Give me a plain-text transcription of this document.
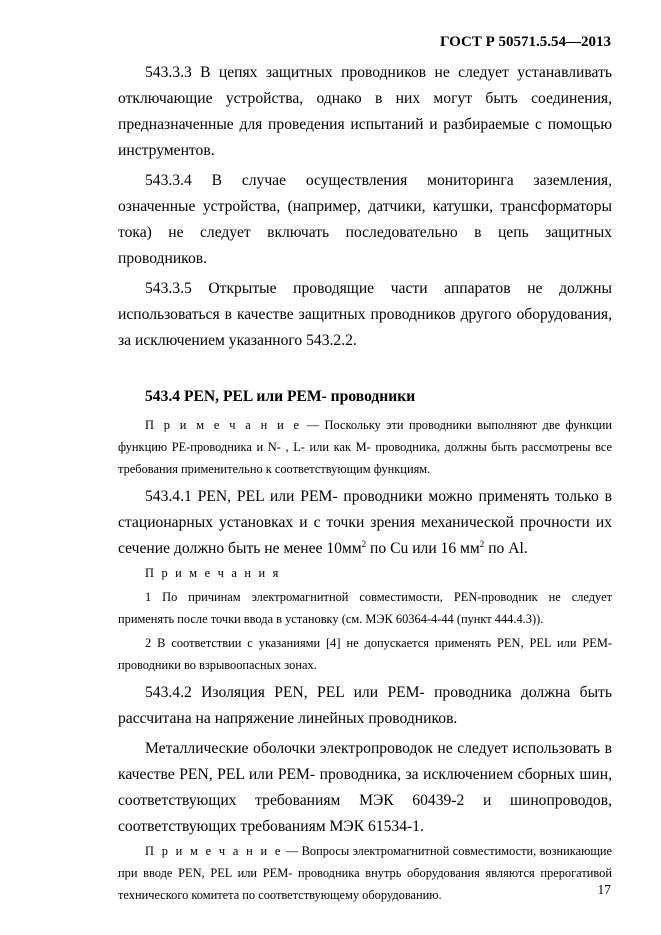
ГОСТ Р 50571.5.54—2013

543.3.3 В цепях защитных проводников не следует устанавливать отключающие устройства, однако в них могут быть соединения, предназначенные для проведения испытаний и разбираемые с помощью инструментов.

543.3.4 В случае осуществления мониторинга заземления, означенные устройства, (например, датчики, катушки, трансформаторы тока) не следует включать последовательно в цепь защитных проводников.

543.3.5 Открытые проводящие части аппаратов не должны использоваться в качестве защитных проводников другого оборудования, за исключением указанного 543.2.2.

543.4 PEN, PEL или PEM- проводники

П р и м е ч а н и е — Поскольку эти проводники выполняют две функции функцию PE-проводника и N- , L- или как M- проводника, должны быть рассмотрены все требования применительно к соответствующим функциям.

543.4.1 PEN, PEL или PEM- проводники можно применять только в стационарных установках и с точки зрения механической прочности их сечение должно быть не менее $10мм^2$ по Cu или 16 $мм^2$ по Al.

П р и м е ч а н и я

1 По причинам электромагнитной совместимости, PEN-проводник не следует применять после точки ввода в установку (см. МЭК 60364-4-44 (пункт 444.4.3)).

2 В соответствии с указаниями [4] не допускается применять PEN, PEL или PEM-проводники во взрывоопасных зонах.

543.4.2 Изоляция PEN, PEL или PEM- проводника должна быть рассчитана на напряжение линейных проводников.

Металлические оболочки электропроводок не следует использовать в качестве PEN, PEL или PEM- проводника, за исключением сборных шин, соответствующих требованиям МЭК 60439-2 и шинопроводов, соответствующих требованиям МЭК 61534-1.

П р и м е ч а н и е — Вопросы электромагнитной совместимости, возникающие при вводе PEN, PEL или PEM- проводника внутрь оборудования являются прерогативой технического комитета по соответствующему оборудованию.	17
